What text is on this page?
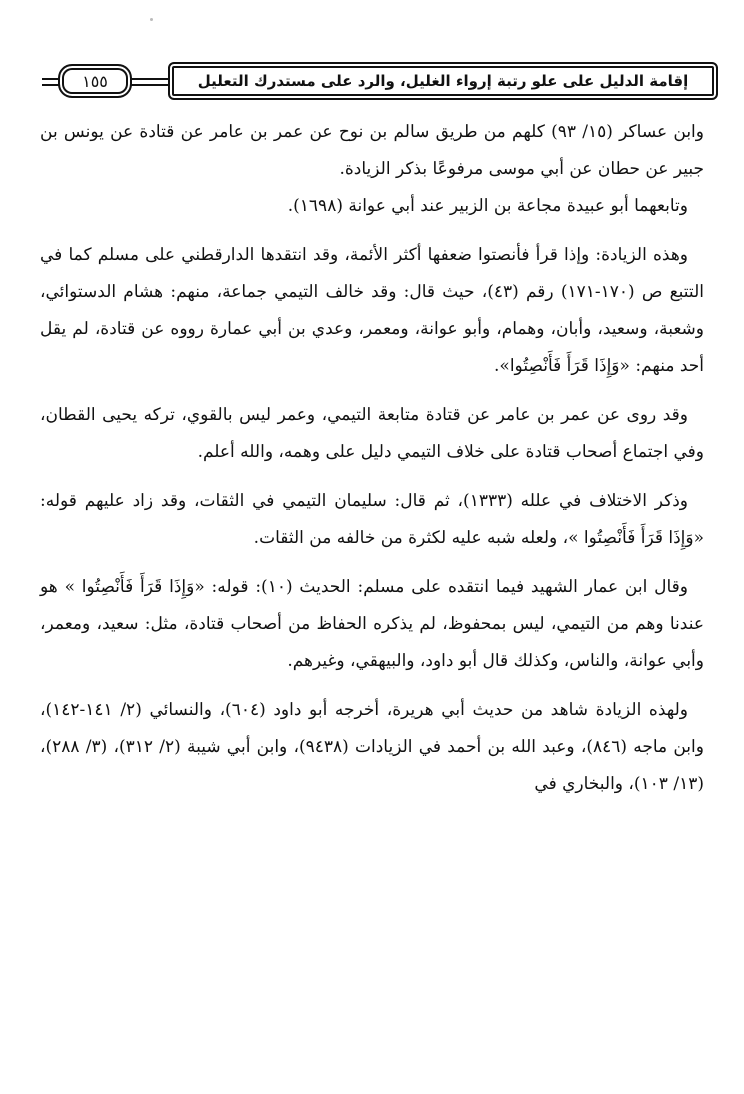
١٥٥	إقامة الدليل على علو رتبة إرواء الغليل، والرد على مستدرك التعليل

وابن عساكر (١٥/ ٩٣) كلهم من طريق سالم بن نوح عن عمر بن عامر عن قتادة عن يونس بن جبير عن حطان عن أبي موسى مرفوعًا بذكر الزيادة.

وتابعهما أبو عبيدة مجاعة بن الزبير عند أبي عوانة (١٦٩٨).

وهذه الزيادة: وإذا قرأ فأنصتوا ضعفها أكثر الأئمة، وقد انتقدها الدارقطني على مسلم كما في التتبع ص (١٧٠-١٧١) رقم (٤٣)، حيث قال: وقد خالف التيمي جماعة، منهم: هشام الدستوائي، وشعبة، وسعيد، وأبان، وهمام، وأبو عوانة، ومعمر، وعدي بن أبي عمارة رووه عن قتادة، لم يقل أحد منهم: «وَإِذَا قَرَأَ فَأَنْصِتُوا».

وقد روى عن عمر بن عامر عن قتادة متابعة التيمي، وعمر ليس بالقوي، تركه يحيى القطان، وفي اجتماع أصحاب قتادة على خلاف التيمي دليل على وهمه، والله أعلم.

وذكر الاختلاف في علله (١٣٣٣)، ثم قال: سليمان التيمي في الثقات، وقد زاد عليهم قوله: «وَإِذَا قَرَأَ فَأَنْصِتُوا »، ولعله شبه عليه لكثرة من خالفه من الثقات.

وقال ابن عمار الشهيد فيما انتقده على مسلم: الحديث (١٠): قوله: «وَإِذَا قَرَأَ فَأَنْصِتُوا » هو عندنا وهم من التيمي، ليس بمحفوظ، لم يذكره الحفاظ من أصحاب قتادة، مثل: سعيد، ومعمر، وأبي عوانة، والناس، وكذلك قال أبو داود، والبيهقي، وغيرهم.

ولهذه الزيادة شاهد من حديث أبي هريرة، أخرجه أبو داود (٦٠٤)، والنسائي (٢/ ١٤١-١٤٢)، وابن ماجه (٨٤٦)، وعبد الله بن أحمد في الزيادات (٩٤٣٨)، وابن أبي شيبة (٢/ ٣١٢)، (٣/ ٢٨٨)، (١٣/ ١٠٣)، والبخاري في
